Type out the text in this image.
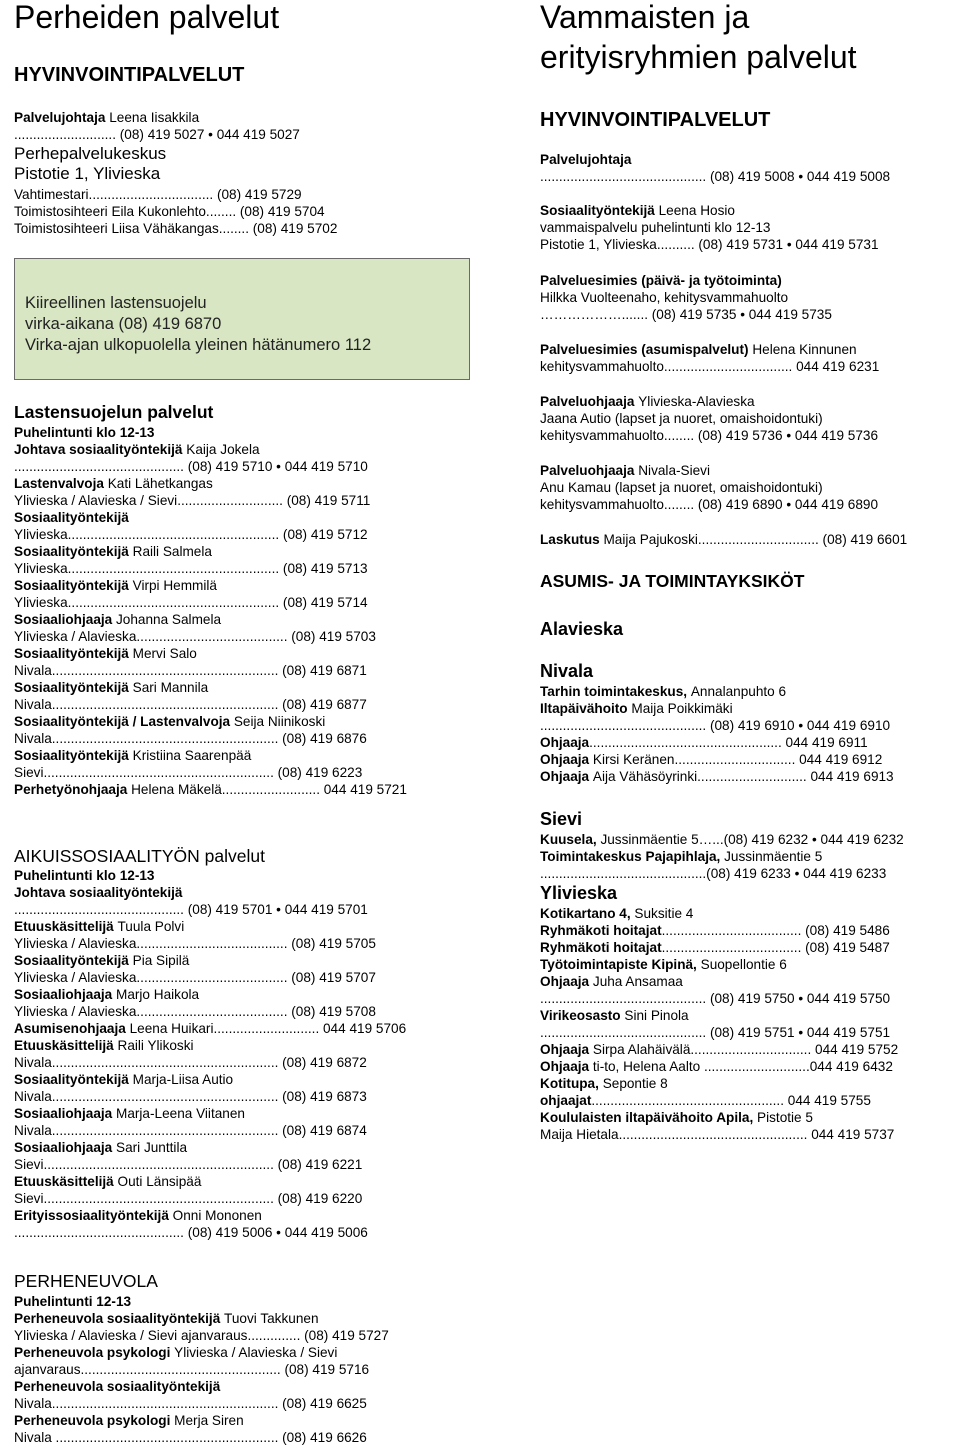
Perheiden palvelut
HYVINVOINTIPALVELUT

Palvelujohtaja Leena Iisakkila

........................... (08) 419 5027 • 044 419 5027

Perhepalvelukeskus

Pistotie 1, Ylivieska

Vahtimestari................................. (08) 419 5729

Toimistosihteeri Eila Kukonlehto........ (08) 419 5704

Toimistosihteeri Liisa Vähäkangas........ (08) 419 5702

Kiireellinen lastensuojelu

virka-aikana (08) 419 6870

Virka-ajan ulkopuolella yleinen hätänumero 112

Lastensuojelun palvelut

Puhelintunti klo 12-13

Johtava sosiaalityöntekijä Kaija Jokela

............................................. (08) 419 5710 • 044 419 5710

Lastenvalvoja Kati Lähetkangas

Ylivieska / Alavieska / Sievi............................ (08) 419 5711

Sosiaalityöntekijä

Ylivieska........................................................ (08) 419 5712

Sosiaalityöntekijä Raili Salmela

Ylivieska........................................................ (08) 419 5713

Sosiaalityöntekijä Virpi Hemmilä

Ylivieska........................................................ (08) 419 5714

Sosiaaliohjaaja Johanna Salmela

Ylivieska / Alavieska........................................ (08) 419 5703

Sosiaalityöntekijä Mervi Salo

Nivala............................................................ (08) 419 6871

Sosiaalityöntekijä Sari Mannila

Nivala............................................................ (08) 419 6877

Sosiaalityöntekijä / Lastenvalvoja Seija Niinikoski

Nivala............................................................ (08) 419 6876

Sosiaalityöntekijä Kristiina Saarenpää

Sievi............................................................. (08) 419 6223

Perhetyönohjaaja Helena Mäkelä.......................... 044 419 5721

AIKUISSOSIAALITYÖN palvelut

Puhelintunti klo 12-13

Johtava sosiaalityöntekijä

............................................. (08) 419 5701 • 044 419 5701

Etuuskäsittelijä Tuula Polvi

Ylivieska / Alavieska........................................ (08) 419 5705

Sosiaalityöntekijä Pia Sipilä

Ylivieska / Alavieska........................................ (08) 419 5707

Sosiaaliohjaaja Marjo Haikola

Ylivieska / Alavieska........................................ (08) 419 5708

Asumisenohjaaja Leena Huikari............................ 044 419 5706

Etuuskäsittelijä Raili Ylikoski

Nivala............................................................ (08) 419 6872

Sosiaalityöntekijä Marja-Liisa Autio

Nivala............................................................ (08) 419 6873

Sosiaaliohjaaja Marja-Leena Viitanen

Nivala............................................................ (08) 419 6874

Sosiaaliohjaaja Sari Junttila

Sievi............................................................. (08) 419 6221

Etuuskäsittelijä Outi Länsipää

Sievi............................................................. (08) 419 6220

Erityissosiaalityöntekijä Onni Mononen

............................................. (08) 419 5006 • 044 419 5006

PERHENEUVOLA

Puhelintunti 12-13

Perheneuvola sosiaalityöntekijä Tuovi Takkunen

Ylivieska / Alavieska / Sievi ajanvaraus.............. (08) 419 5727

Perheneuvola psykologi Ylivieska / Alavieska / Sievi

ajanvaraus..................................................... (08) 419 5716

Perheneuvola sosiaalityöntekijä

Nivala............................................................ (08) 419 6625

Perheneuvola psykologi Merja Siren

Nivala ........................................................... (08) 419 6626

Vammaisten ja
erityisryhmien palvelut
HYVINVOINTIPALVELUT

Palvelujohtaja

............................................ (08) 419 5008 • 044 419 5008

Sosiaalityöntekijä Leena Hosio

vammaispalvelu puhelintunti klo 12-13

Pistotie 1, Ylivieska.......... (08) 419 5731 • 044 419 5731

Palveluesimies (päivä- ja työtoiminta)

Hilkka Vuolteenaho, kehitysvammahuolto

………………....... (08) 419 5735 • 044 419 5735

Palveluesimies (asumispalvelut) Helena Kinnunen

kehitysvammahuolto.................................. 044 419 6231

Palveluohjaaja Ylivieska-Alavieska

Jaana Autio (lapset ja nuoret, omaishoidontuki)

kehitysvammahuolto........ (08) 419 5736 • 044 419 5736

Palveluohjaaja Nivala-Sievi

Anu Kamau (lapset ja nuoret, omaishoidontuki)

kehitysvammahuolto........ (08) 419 6890 • 044 419 6890

Laskutus Maija Pajukoski................................ (08) 419 6601

ASUMIS- JA TOIMINTAYKSIKÖT
Alavieska
Nivala

Tarhin toimintakeskus, Annalanpuhto 6

Iltapäivähoito Maija Poikkimäki

............................................ (08) 419 6910 • 044 419 6910

Ohjaaja................................................... 044 419 6911

Ohjaaja Kirsi Keränen................................ 044 419 6912

Ohjaaja Aija Vähäsöyrinki............................. 044 419 6913

Sievi

Kuusela, Jussinmäentie 5…...(08) 419 6232 • 044 419 6232

Toimintakeskus Pajapihlaja, Jussinmäentie 5

............................................(08) 419 6233 • 044 419 6233

Ylivieska

Kotikartano 4, Suksitie 4

Ryhmäkoti hoitajat..................................... (08) 419 5486

Ryhmäkoti hoitajat..................................... (08) 419 5487

Työtoimintapiste Kipinä, Suopellontie 6

Ohjaaja Juha Ansamaa

............................................ (08) 419 5750 • 044 419 5750

Virikeosasto Sini Pinola

............................................ (08) 419 5751 • 044 419 5751

Ohjaaja Sirpa Alahäivälä................................ 044 419 5752

Ohjaaja ti-to, Helena Aalto ............................044 419 6432

Kotitupa, Sepontie 8

ohjaajat................................................... 044 419 5755

Koululaisten iltapäivähoito Apila, Pistotie 5

Maija Hietala.................................................. 044 419 5737
